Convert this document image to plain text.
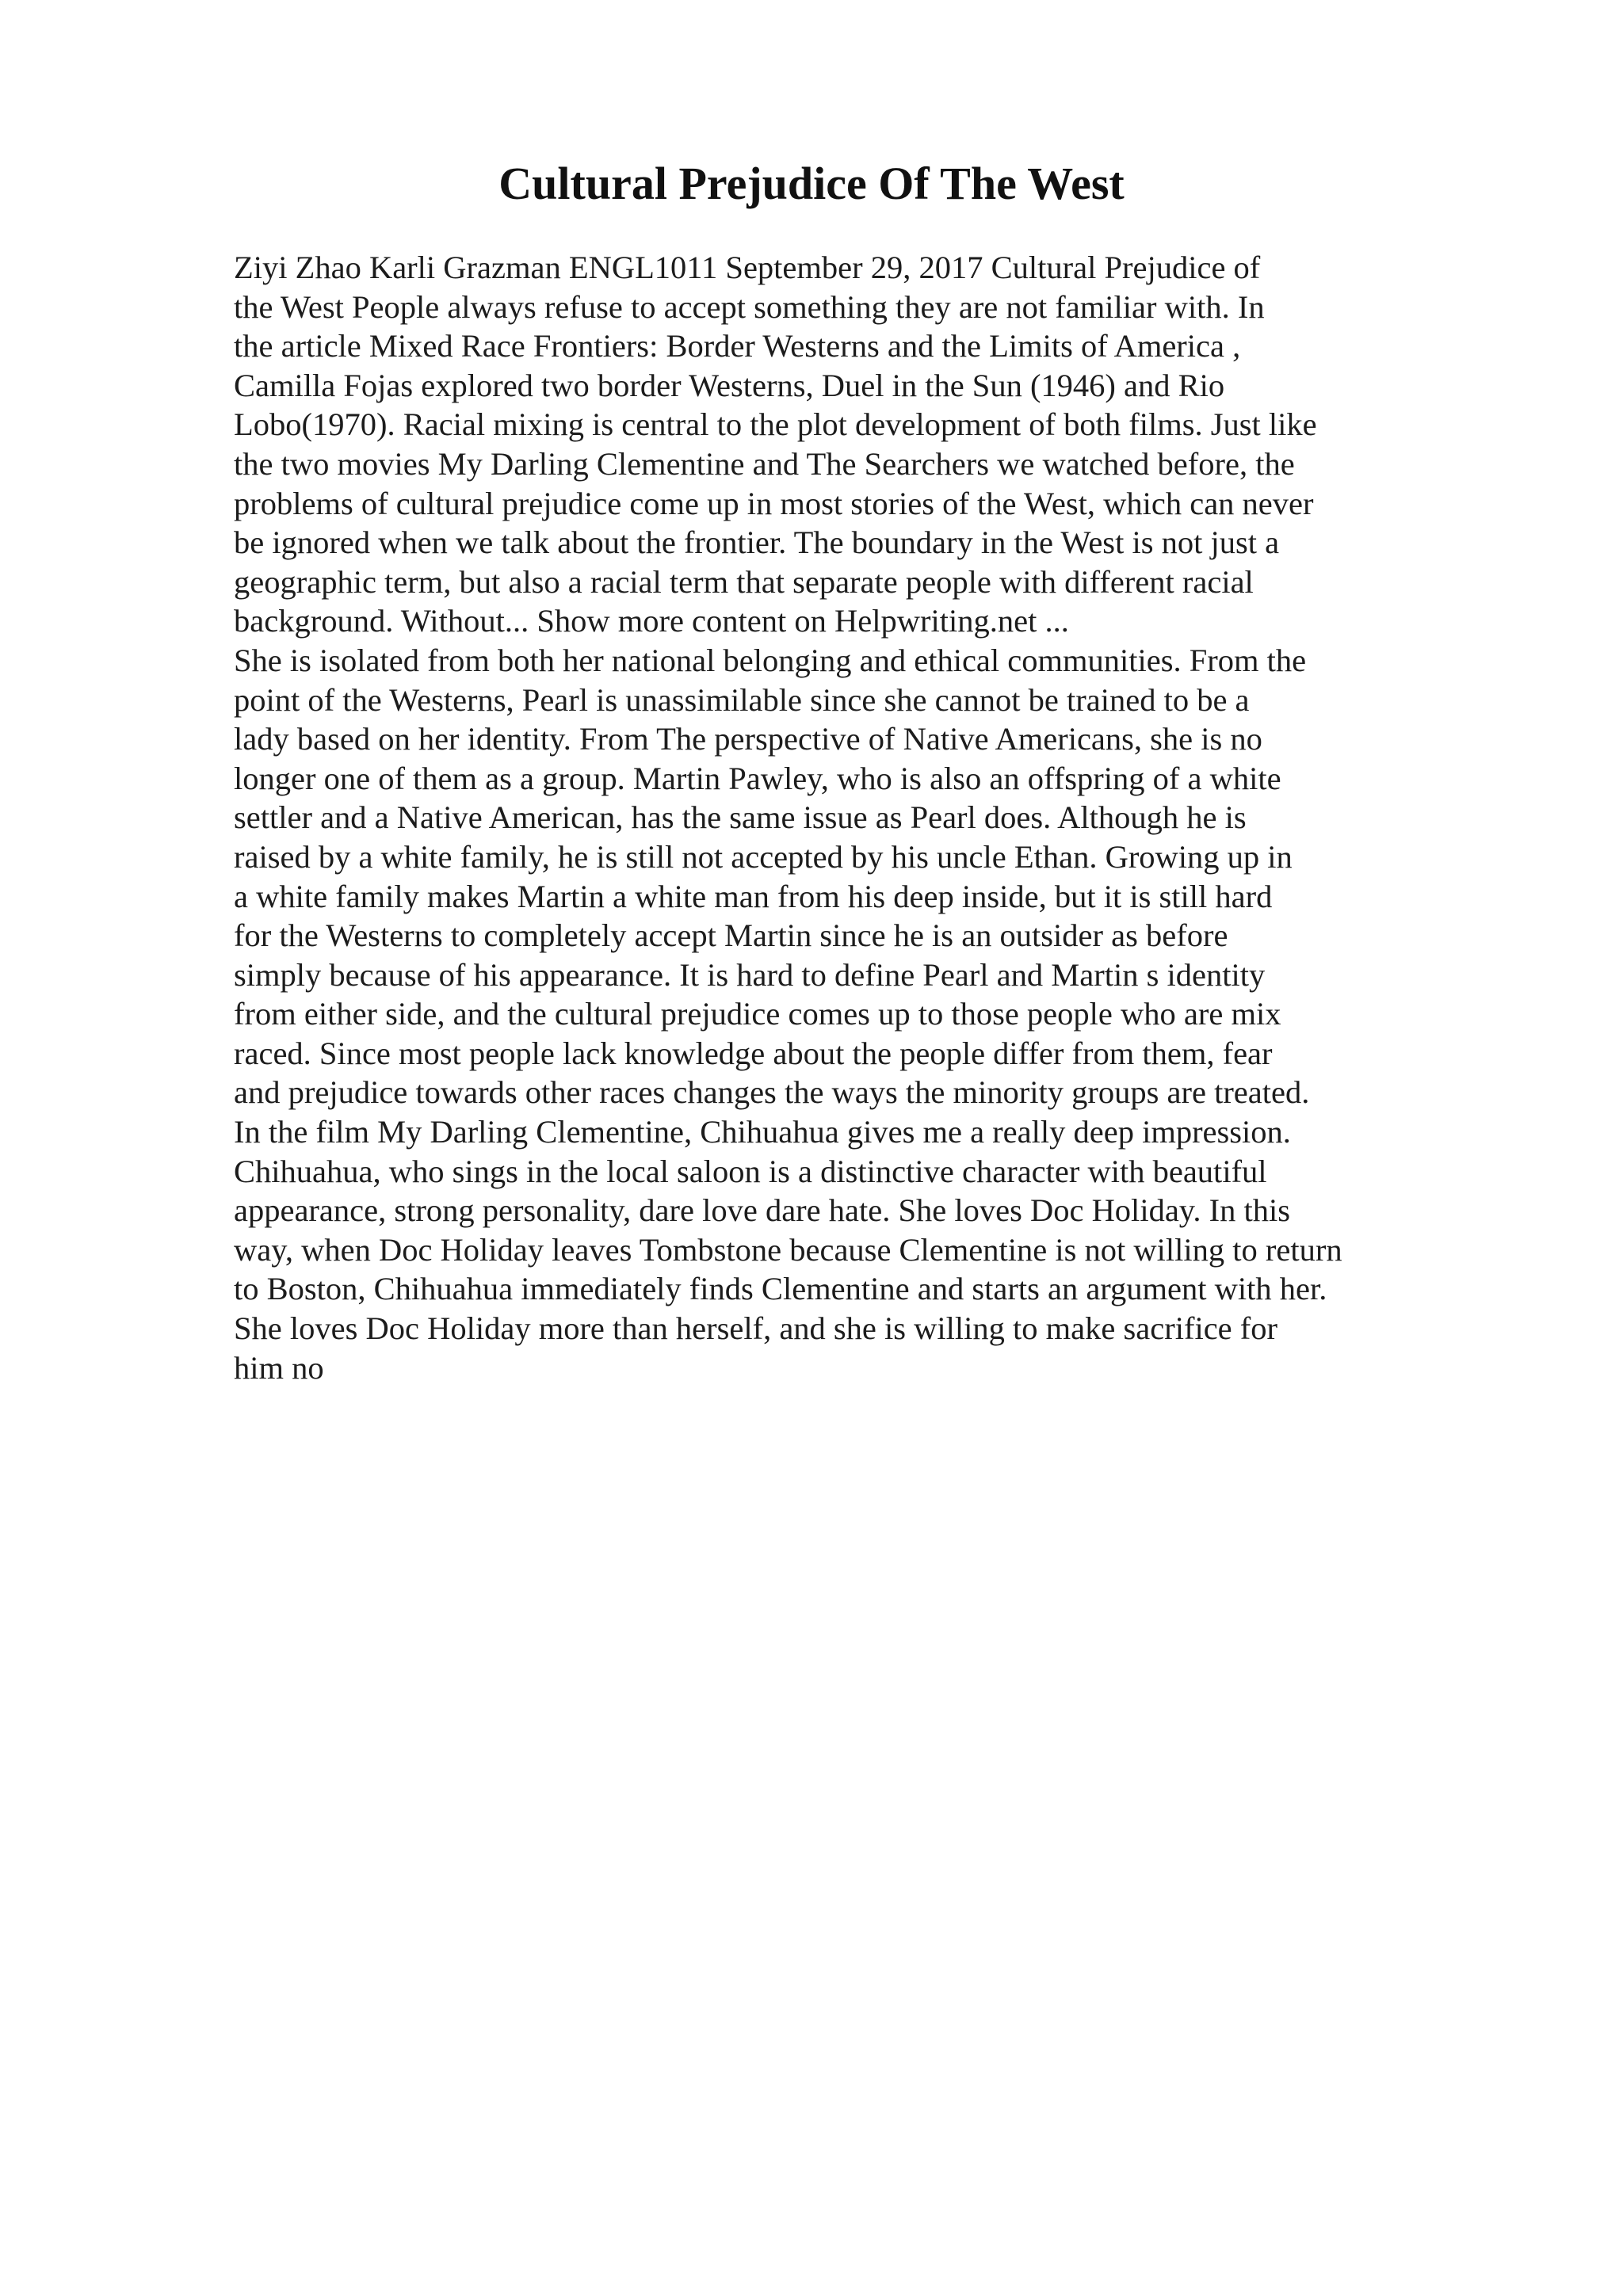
Cultural Prejudice Of The West
Ziyi Zhao Karli Grazman ENGL1011 September 29, 2017 Cultural Prejudice of
the West People always refuse to accept something they are not familiar with. In
the article Mixed Race Frontiers: Border Westerns and the Limits of America ,
Camilla Fojas explored two border Westerns, Duel in the Sun (1946) and Rio
Lobo(1970). Racial mixing is central to the plot development of both films. Just like
the two movies My Darling Clementine and The Searchers we watched before, the
problems of cultural prejudice come up in most stories of the West, which can never
be ignored when we talk about the frontier. The boundary in the West is not just a
geographic term, but also a racial term that separate people with different racial
background. Without... Show more content on Helpwriting.net ...
She is isolated from both her national belonging and ethical communities. From the
point of the Westerns, Pearl is unassimilable since she cannot be trained to be a
lady based on her identity. From The perspective of Native Americans, she is no
longer one of them as a group. Martin Pawley, who is also an offspring of a white
settler and a Native American, has the same issue as Pearl does. Although he is
raised by a white family, he is still not accepted by his uncle Ethan. Growing up in
a white family makes Martin a white man from his deep inside, but it is still hard
for the Westerns to completely accept Martin since he is an outsider as before
simply because of his appearance. It is hard to define Pearl and Martin s identity
from either side, and the cultural prejudice comes up to those people who are mix
raced. Since most people lack knowledge about the people differ from them, fear
and prejudice towards other races changes the ways the minority groups are treated.
In the film My Darling Clementine, Chihuahua gives me a really deep impression.
Chihuahua, who sings in the local saloon is a distinctive character with beautiful
appearance, strong personality, dare love dare hate. She loves Doc Holiday. In this
way, when Doc Holiday leaves Tombstone because Clementine is not willing to return
to Boston, Chihuahua immediately finds Clementine and starts an argument with her.
She loves Doc Holiday more than herself, and she is willing to make sacrifice for
him no
